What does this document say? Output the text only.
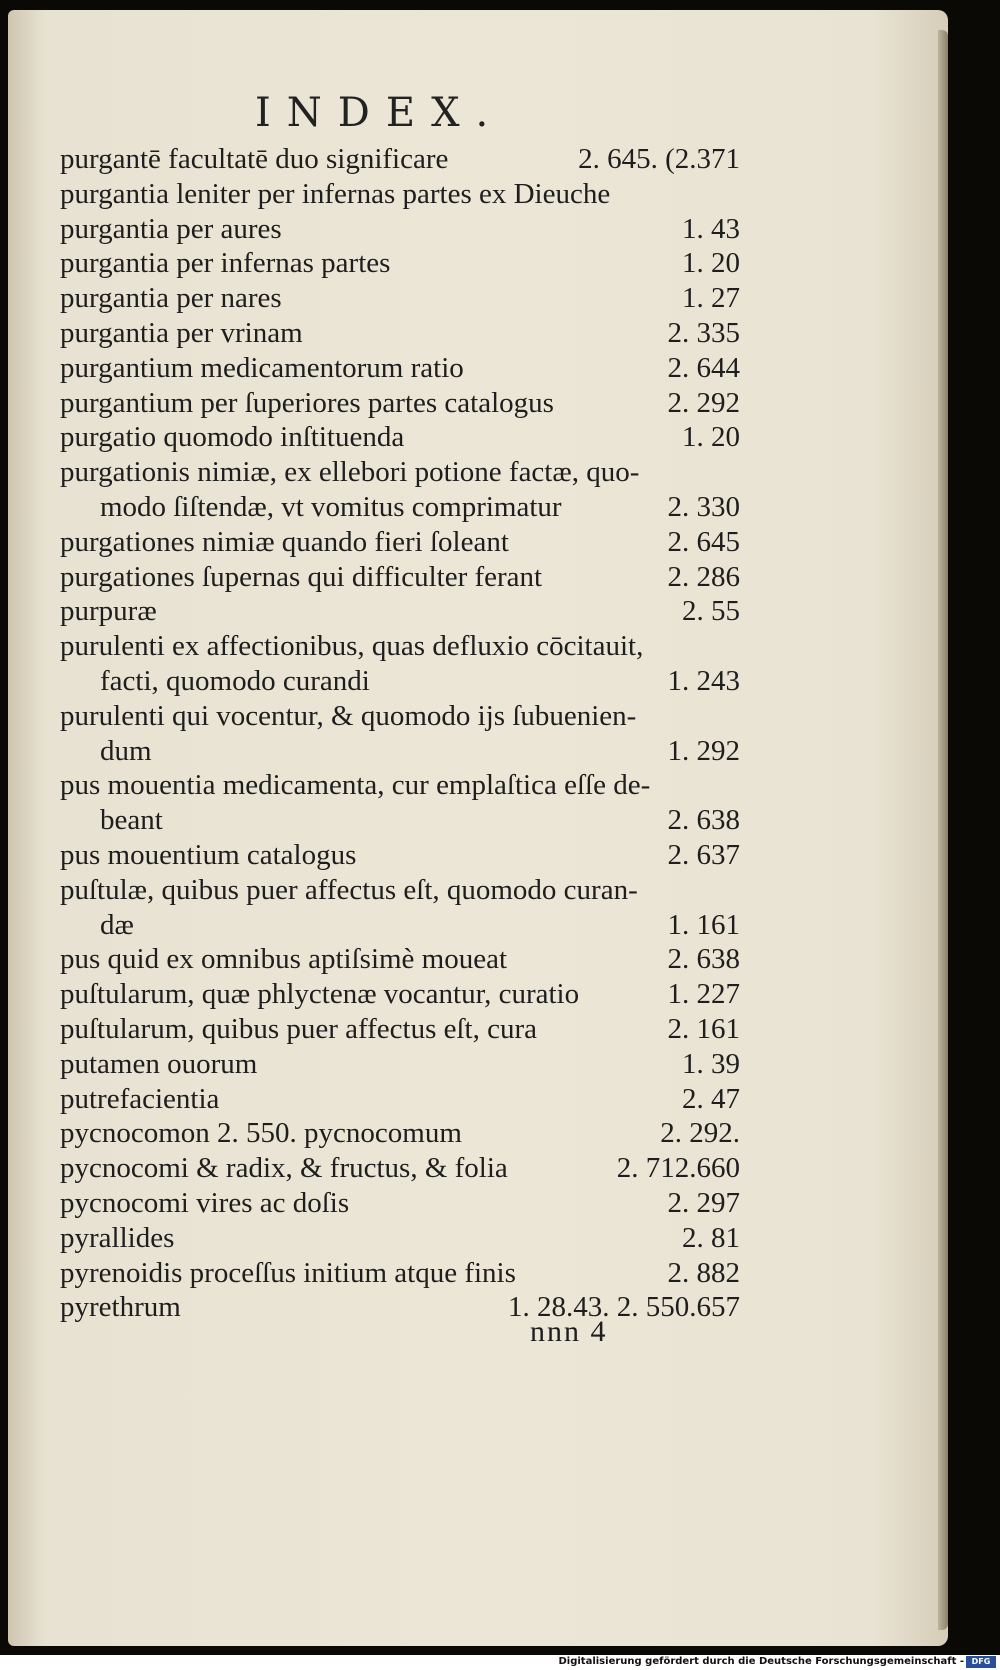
INDEX.
purgantē facultatē duo significare	2. 645. (2.371
purgantia leniter per infernas partes ex Dieuche
purgantia per aures	1. 43
purgantia per infernas partes	1. 20
purgantia per nares	1. 27
purgantia per vrinam	2. 335
purgantium medicamentorum ratio	2. 644
purgantium per ſuperiores partes catalogus	2. 292
purgatio quomodo inſtituenda	1. 20
purgationis nimiæ, ex ellebori potione factæ, quo-
modo ſiſtendæ, vt vomitus comprimatur	2. 330
purgationes nimiæ quando fieri ſoleant	2. 645
purgationes ſupernas qui difficulter ferant	2. 286
purpuræ	2. 55
purulenti ex affectionibus, quas defluxio cōcitauit,
facti, quomodo curandi	1. 243
purulenti qui vocentur, & quomodo ijs ſubuenien-
dum	1. 292
pus mouentia medicamenta, cur emplaſtica eſſe de-
beant	2. 638
pus mouentium catalogus	2. 637
puſtulæ, quibus puer affectus eſt, quomodo curan-
dæ	1. 161
pus quid ex omnibus aptiſsimè moueat	2. 638
puſtularum, quæ phlyctenæ vocantur, curatio	1. 227
puſtularum, quibus puer affectus eſt, cura	2. 161
putamen ouorum	1. 39
putrefacientia	2. 47
pycnocomon 2. 550. pycnocomum	2. 292.
pycnocomi & radix, & fructus, & folia	2. 712.660
pycnocomi vires ac doſis	2. 297
pyrallides	2. 81
pyrenoidis proceſſus initium atque finis	2. 882
pyrethrum	1. 28.43. 2. 550.657
nnn 4
Digitalisierung gefördert durch die Deutsche Forschungsgemeinschaft - DFG
